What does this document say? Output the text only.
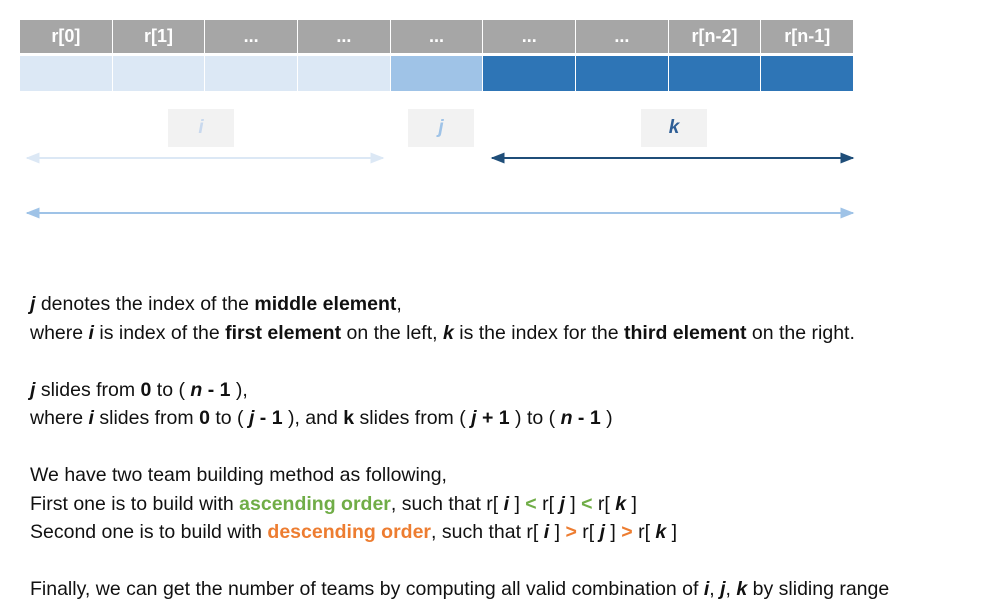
r[0]	r[1]	...	...	...	...	...	r[n-2]	r[n-1]
i	j	k
j denotes the index of the middle element,
where i is index of the first element on the left, k is the index for the third element on the right.
j slides from 0 to ( n - 1 ),
where i slides from 0 to ( j - 1 ), and k slides from ( j + 1 ) to ( n - 1 )
We have two team building method as following,
First one is to build with ascending order, such that r[ i ] < r[ j ] < r[ k ]
Second one is to build with descending order, such that r[ i ] > r[ j ] > r[ k ]
Finally, we can get the number of teams by computing all valid combination of i, j, k by sliding range
